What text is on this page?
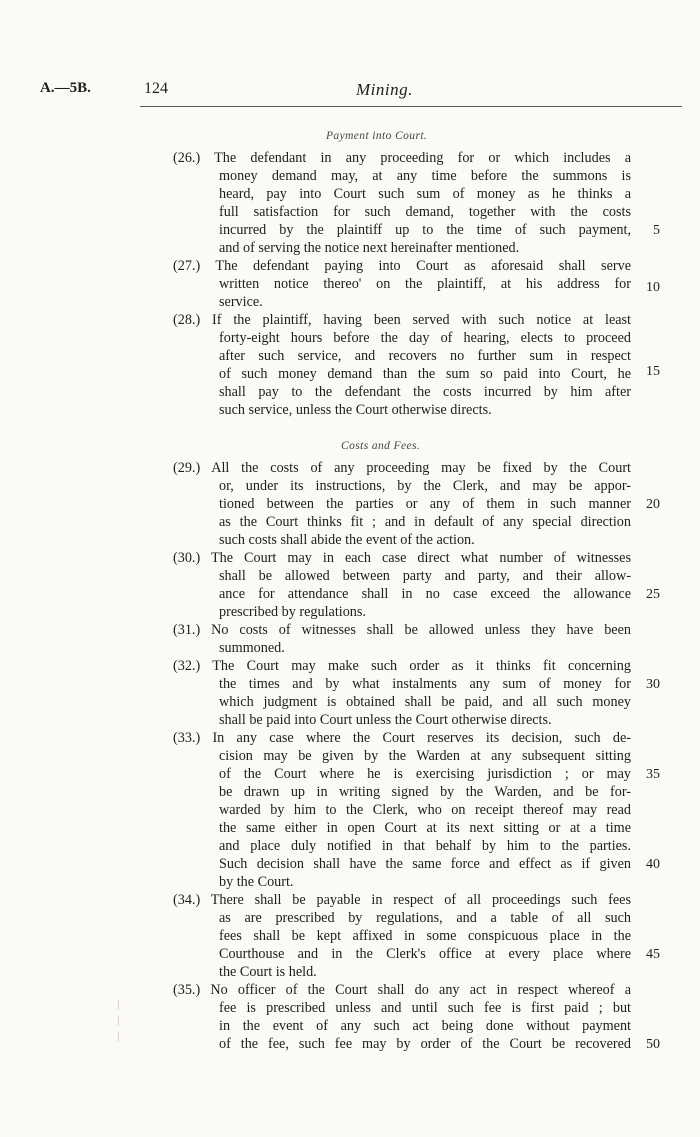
A.—5B.	124	Mining.
Payment into Court.
Costs and Fees.
(26.) The defendant in any proceeding for or which includes a
money demand may, at any time before the summons is
heard, pay into Court such sum of money as he thinks a
full satisfaction for such demand, together with the costs
incurred by the plaintiff up to the time of such payment,
and of serving the notice next hereinafter mentioned.
(27.) The defendant paying into Court as aforesaid shall serve
written notice thereo' on the plaintiff, at his address for
service.
(28.) If the plaintiff, having been served with such notice at least
forty-eight hours before the day of hearing, elects to proceed
after such service, and recovers no further sum in respect
of such money demand than the sum so paid into Court, he
shall pay to the defendant the costs incurred by him after
such service, unless the Court otherwise directs.
(29.) All the costs of any proceeding may be fixed by the Court
or, under its instructions, by the Clerk, and may be appor-
tioned between the parties or any of them in such manner
as the Court thinks fit ; and in default of any special direction
such costs shall abide the event of the action.
(30.) The Court may in each case direct what number of witnesses
shall be allowed between party and party, and their allow-
ance for attendance shall in no case exceed the allowance
prescribed by regulations.
(31.) No costs of witnesses shall be allowed unless they have been
summoned.
(32.) The Court may make such order as it thinks fit concerning
the times and by what instalments any sum of money for
which judgment is obtained shall be paid, and all such money
shall be paid into Court unless the Court otherwise directs.
(33.) In any case where the Court reserves its decision, such de-
cision may be given by the Warden at any subsequent sitting
of the Court where he is exercising jurisdiction ; or may
be drawn up in writing signed by the Warden, and be for-
warded by him to the Clerk, who on receipt thereof may read
the same either in open Court at its next sitting or at a time
and place duly notified in that behalf by him to the parties.
Such decision shall have the same force and effect as if given
by the Court.
(34.) There shall be payable in respect of all proceedings such fees
as are prescribed by regulations, and a table of all such
fees shall be kept affixed in some conspicuous place in the
Courthouse and in the Clerk's office at every place where
the Court is held.
(35.) No officer of the Court shall do any act in respect whereof a
fee is prescribed unless and until such fee is first paid ; but
in the event of any such act being done without payment
of the fee, such fee may by order of the Court be recovered
5
10
15
20
25
30
35
40
45
50
